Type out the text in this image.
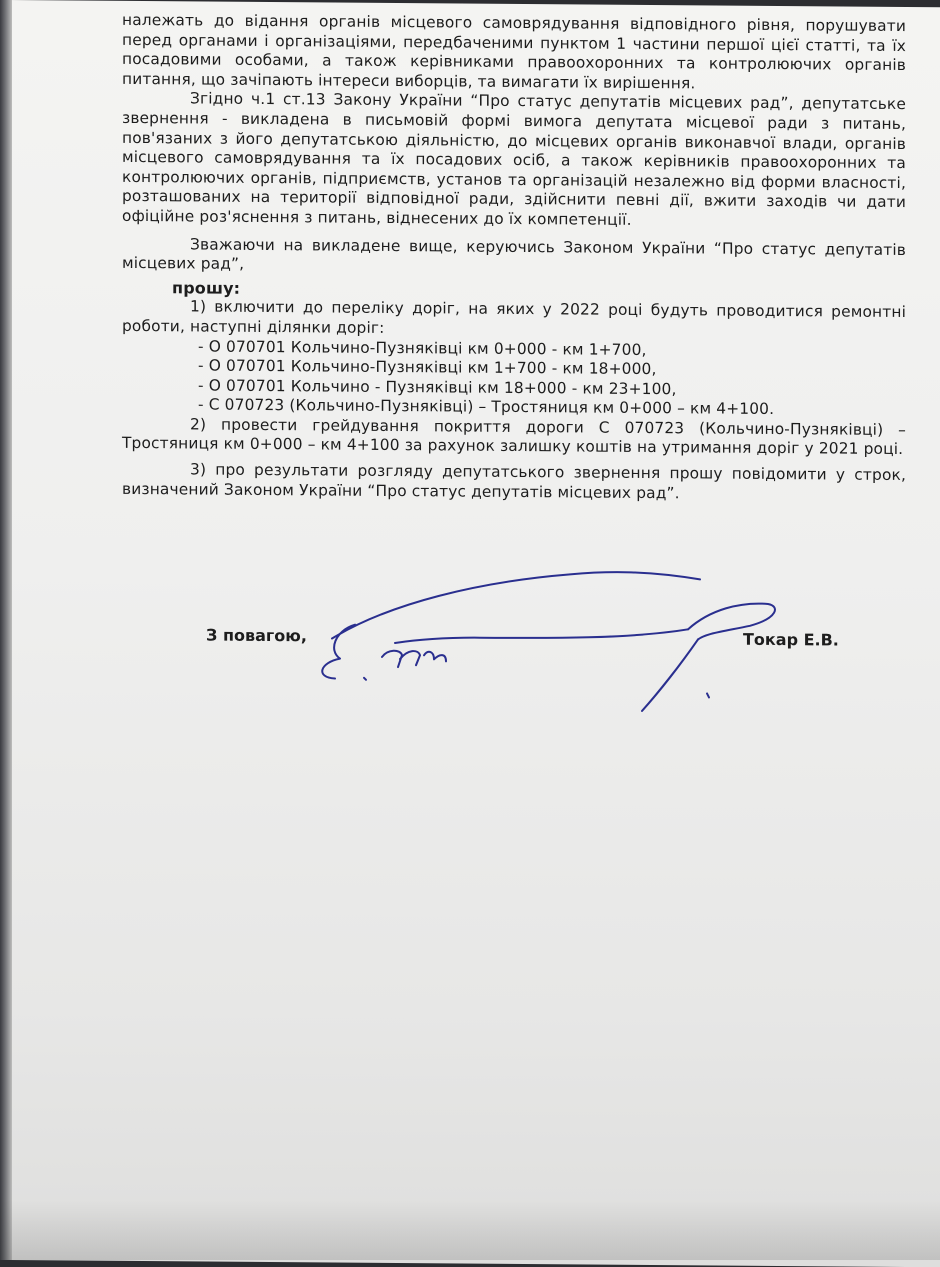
належать до відання органів місцевого самоврядування відповідного рівня, порушувати перед органами і організаціями, передбаченими пунктом 1 частини першої цієї статті, та їх посадовими особами, а також керівниками правоохоронних та контролюючих органів питання, що зачіпають інтереси виборців, та вимагати їх вирішення.

Згідно ч.1 ст.13 Закону України “Про статус депутатів місцевих рад”, депутатське звернення - викладена в письмовій формі вимога депутата місцевої ради з питань, пов'язаних з його депутатською діяльністю, до місцевих органів виконавчої влади, органів місцевого самоврядування та їх посадових осіб, а також керівників правоохоронних та контролюючих органів, підприємств, установ та організацій незалежно від форми власності, розташованих на території відповідної ради, здійснити певні дії, вжити заходів чи дати офіційне роз'яснення з питань, віднесених до їх компетенції.

Зважаючи на викладене вище, керуючись Законом України “Про статус депутатів місцевих рад”,

прошу:

1) включити до переліку доріг, на яких у 2022 році будуть проводитися ремонтні роботи, наступні ділянки доріг:

- О 070701 Кольчино-Пузняківці км 0+000 - км 1+700,

- О 070701 Кольчино-Пузняківці км 1+700 - км 18+000,

- О 070701 Кольчино - Пузняківці км 18+000 - км 23+100,

- С 070723 (Кольчино-Пузняківці) – Тростяниця км 0+000 – км 4+100.

2) провести грейдування покриття дороги С 070723 (Кольчино-Пузняківці) – Тростяниця км 0+000 – км 4+100 за рахунок залишку коштів на утримання доріг у 2021 році.

3) про результати розгляду депутатського звернення прошу повідомити у строк, визначений Законом України “Про статус депутатів місцевих рад”.

З повагою,	Токар Е.В.
